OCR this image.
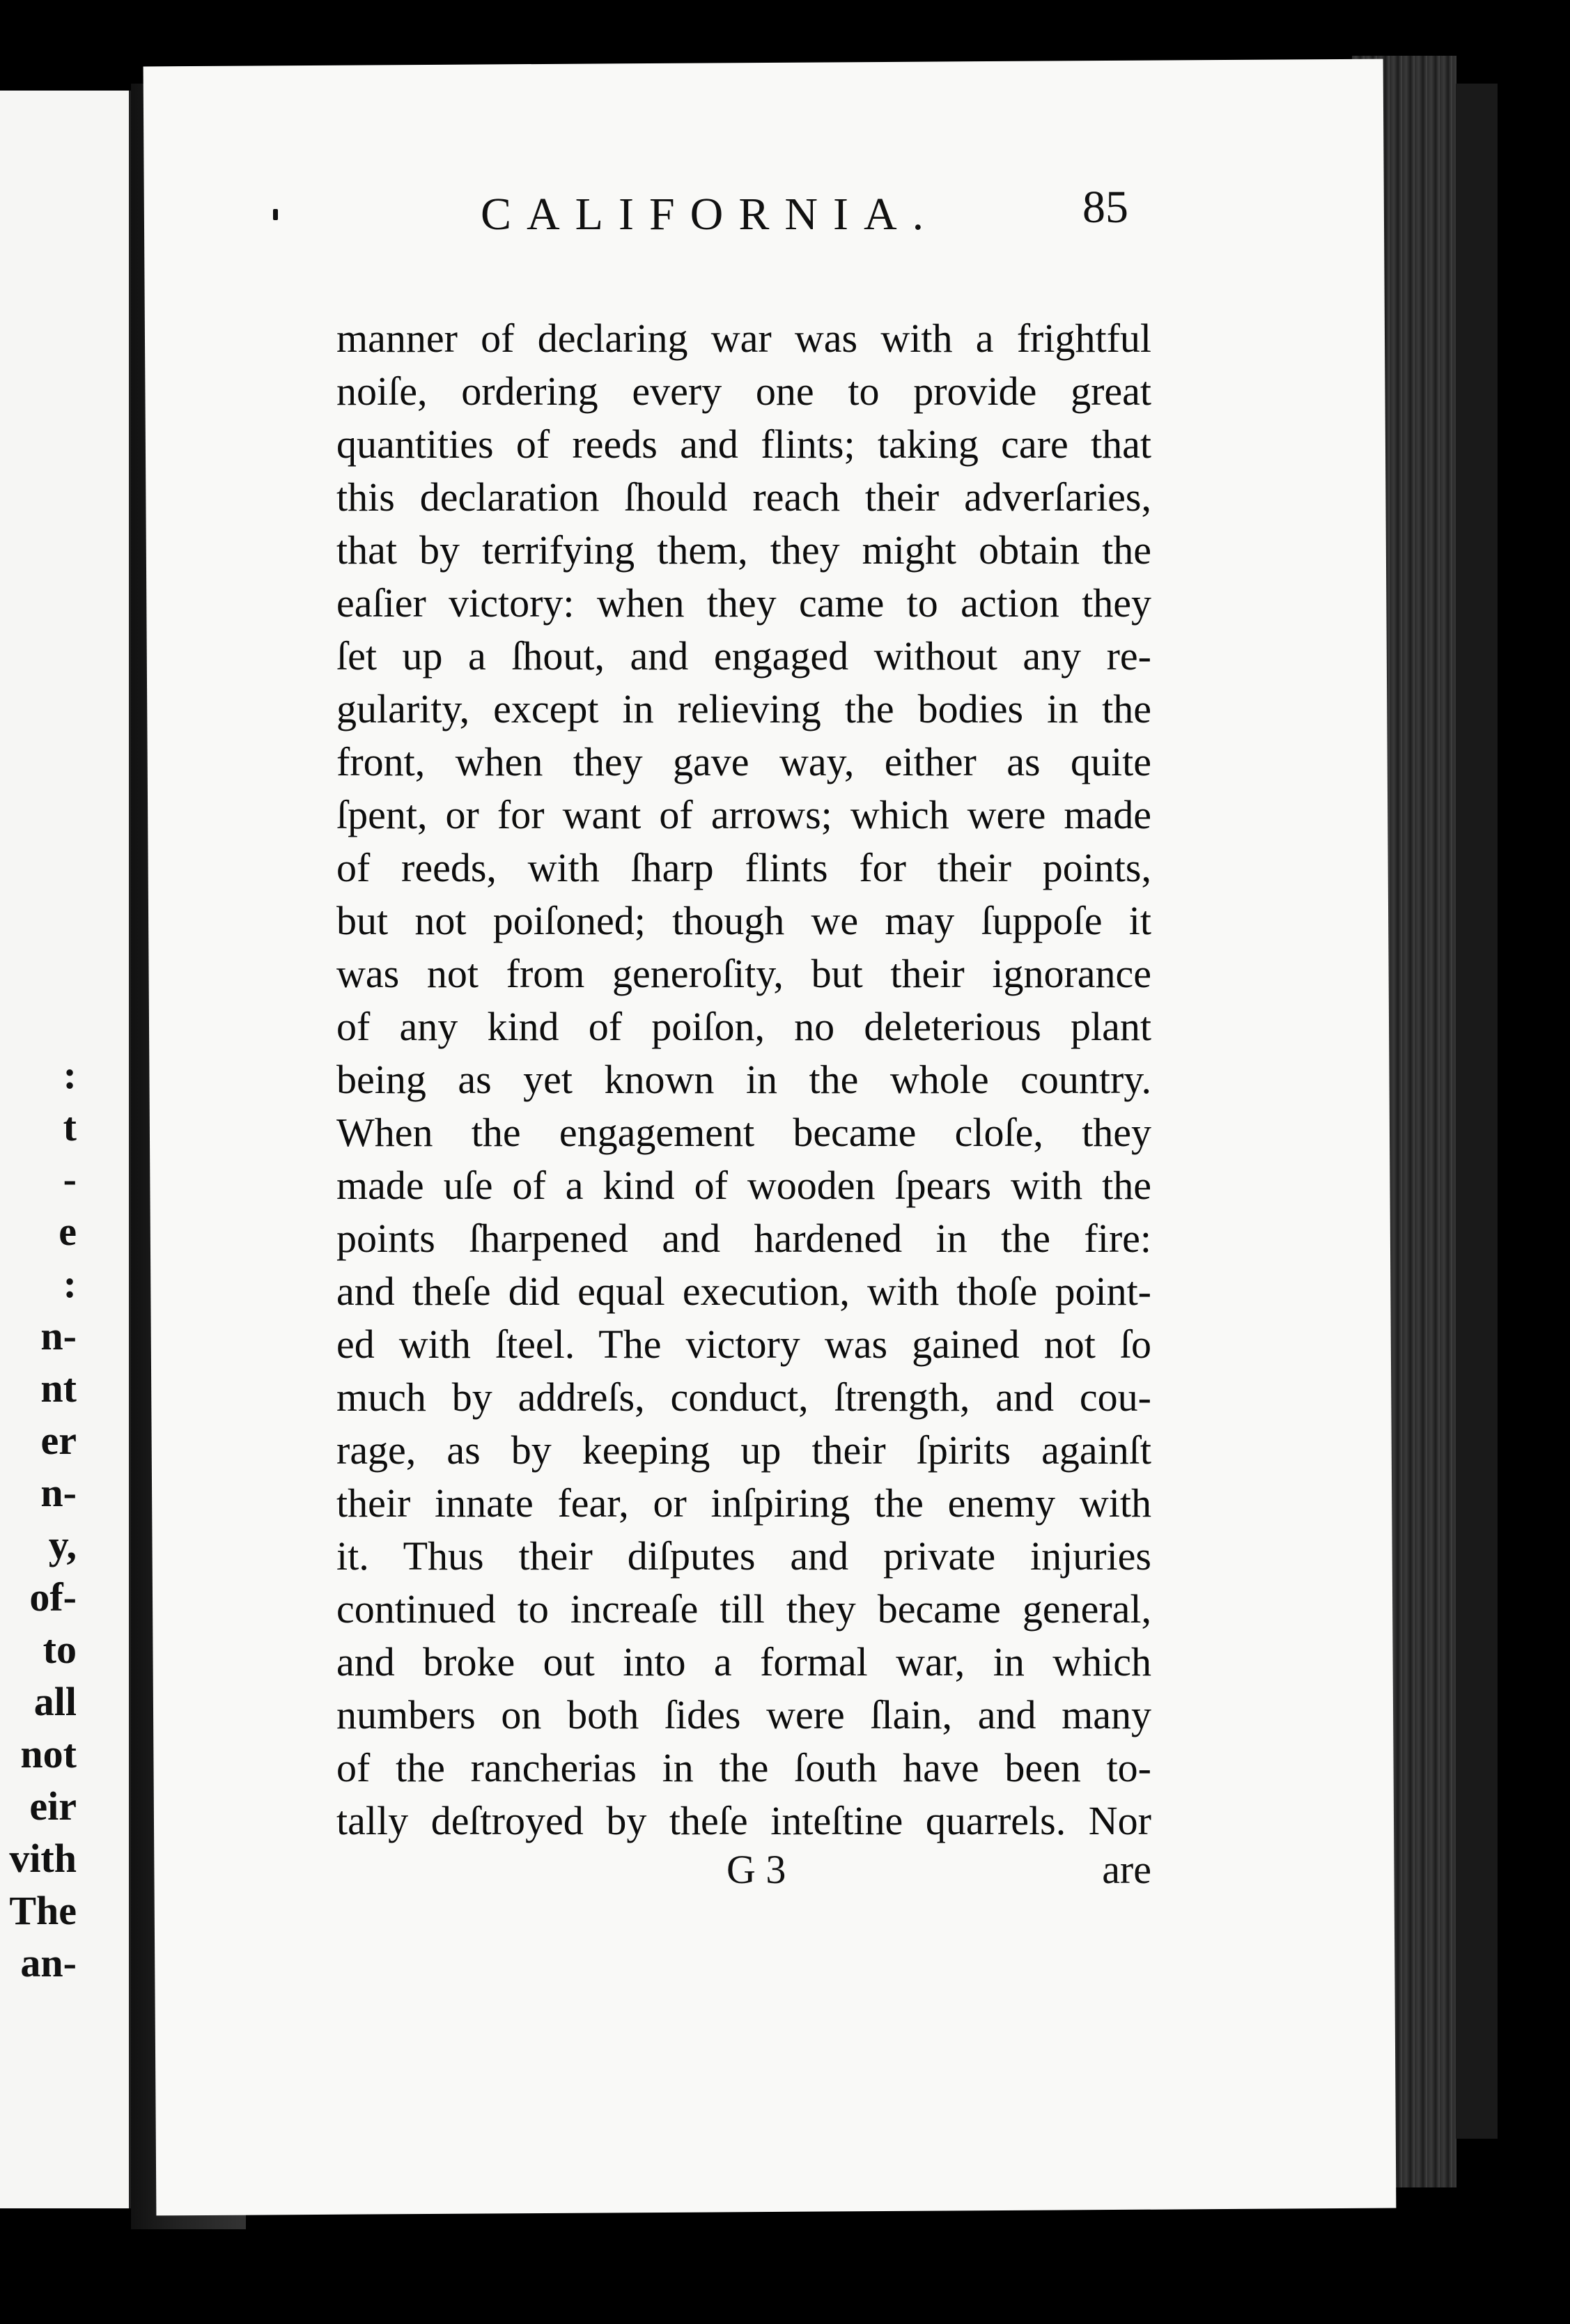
:
t
-
e
:
n-
nt
er
n-
y,
of-
to
all
not
eir
vith
The
an-
CALIFORNIA.	85
manner of declaring war was with a frightful
noiſe, ordering every one to provide great
quantities of reeds and flints; taking care that
this declaration ſhould reach their adverſaries,
that by terrifying them, they might obtain the
eaſier victory: when they came to action they
ſet up a ſhout, and engaged without any re-
gularity, except in relieving the bodies in the
front, when they gave way, either as quite
ſpent, or for want of arrows; which were made
of reeds, with ſharp flints for their points,
but not poiſoned; though we may ſuppoſe it
was not from generoſity, but their ignorance
of any kind of poiſon, no deleterious plant
being as yet known in the whole country.
When the engagement became cloſe, they
made uſe of a kind of wooden ſpears with the
points ſharpened and hardened in the fire:
and theſe did equal execution, with thoſe point-
ed with ſteel. The victory was gained not ſo
much by addreſs, conduct, ſtrength, and cou-
rage, as by keeping up their ſpirits againſt
their innate fear, or inſpiring the enemy with
it. Thus their diſputes and private injuries
continued to increaſe till they became general,
and broke out into a formal war, in which
numbers on both ſides were ſlain, and many
of the rancherias in the ſouth have been to-
tally deſtroyed by theſe inteſtine quarrels. Nor
G 3	are
